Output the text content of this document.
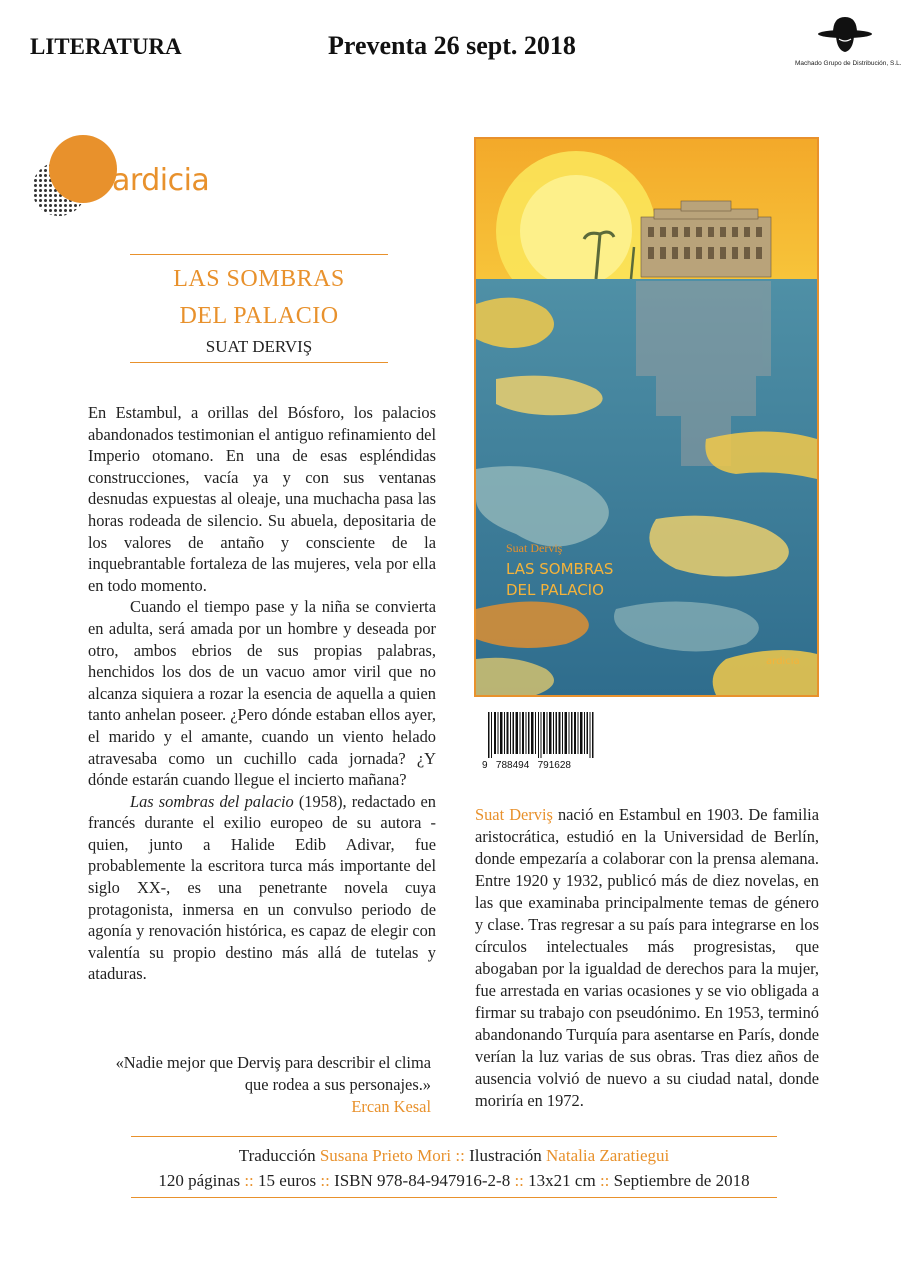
LITERATURA	Preventa 26 sept. 2018
Machado Grupo de Distribución, S.L.
ardicia
LAS SOMBRAS
DEL PALACIO
SUAT DERVIŞ

En Estambul, a orillas del Bósforo, los palacios abandonados testimonian el antiguo refinamiento del Imperio otomano. En una de esas espléndidas construcciones, vacía ya y con sus ventanas desnudas expuestas al oleaje, una muchacha pasa las horas rodeada de silencio. Su abuela, depositaria de los valores de antaño y consciente de la inquebrantable fortaleza de las mujeres, vela por ella en todo momento.

Cuando el tiempo pase y la niña se convierta en adulta, será amada por un hombre y deseada por otro, ambos ebrios de sus propias palabras, henchidos los dos de un vacuo amor viril que no alcanza siquiera a rozar la esencia de aquella a quien tanto anhelan poseer. ¿Pero dónde estaban ellos ayer, el marido y el amante, cuando un viento helado atravesaba como un cuchillo cada jornada? ¿Y dónde estarán cuando llegue el incierto mañana?

Las sombras del palacio (1958), redactado en francés durante el exilio europeo de su autora -quien, junto a Halide Edib Adivar, fue probablemente la escritora turca más importante del siglo XX-, es una penetrante novela cuya protagonista, inmersa en un convulso periodo de agonía y renovación histórica, es capaz de elegir con valentía su propio destino más allá de tutelas y ataduras.

«Nadie mejor que Derviş para describir el clima que rodea a sus personajes.»
Ercan Kesal
Suat Derviş
LAS SOMBRAS
DEL PALACIO
ardicia
9   788494   791628
Suat Derviş nació en Estambul en 1903. De familia aristocrática, estudió en la Universidad de Berlín, donde empezaría a colaborar con la prensa alemana. Entre 1920 y 1932, publicó más de diez novelas, en las que examinaba principalmente temas de género y clase. Tras regresar a su país para integrarse en los círculos intelectuales más progresistas, que abogaban por la igualdad de derechos para la mujer, fue arrestada en varias ocasiones y se vio obligada a firmar su trabajo con pseudónimo. En 1953, terminó abandonando Turquía para asentarse en París, donde verían la luz varias de sus obras. Tras diez años de ausencia volvió de nuevo a su ciudad natal, donde moriría en 1972.
Traducción Susana Prieto Mori :: Ilustración Natalia Zaratiegui
120 páginas :: 15 euros :: ISBN 978-84-947916-2-8 :: 13x21 cm :: Septiembre de 2018
